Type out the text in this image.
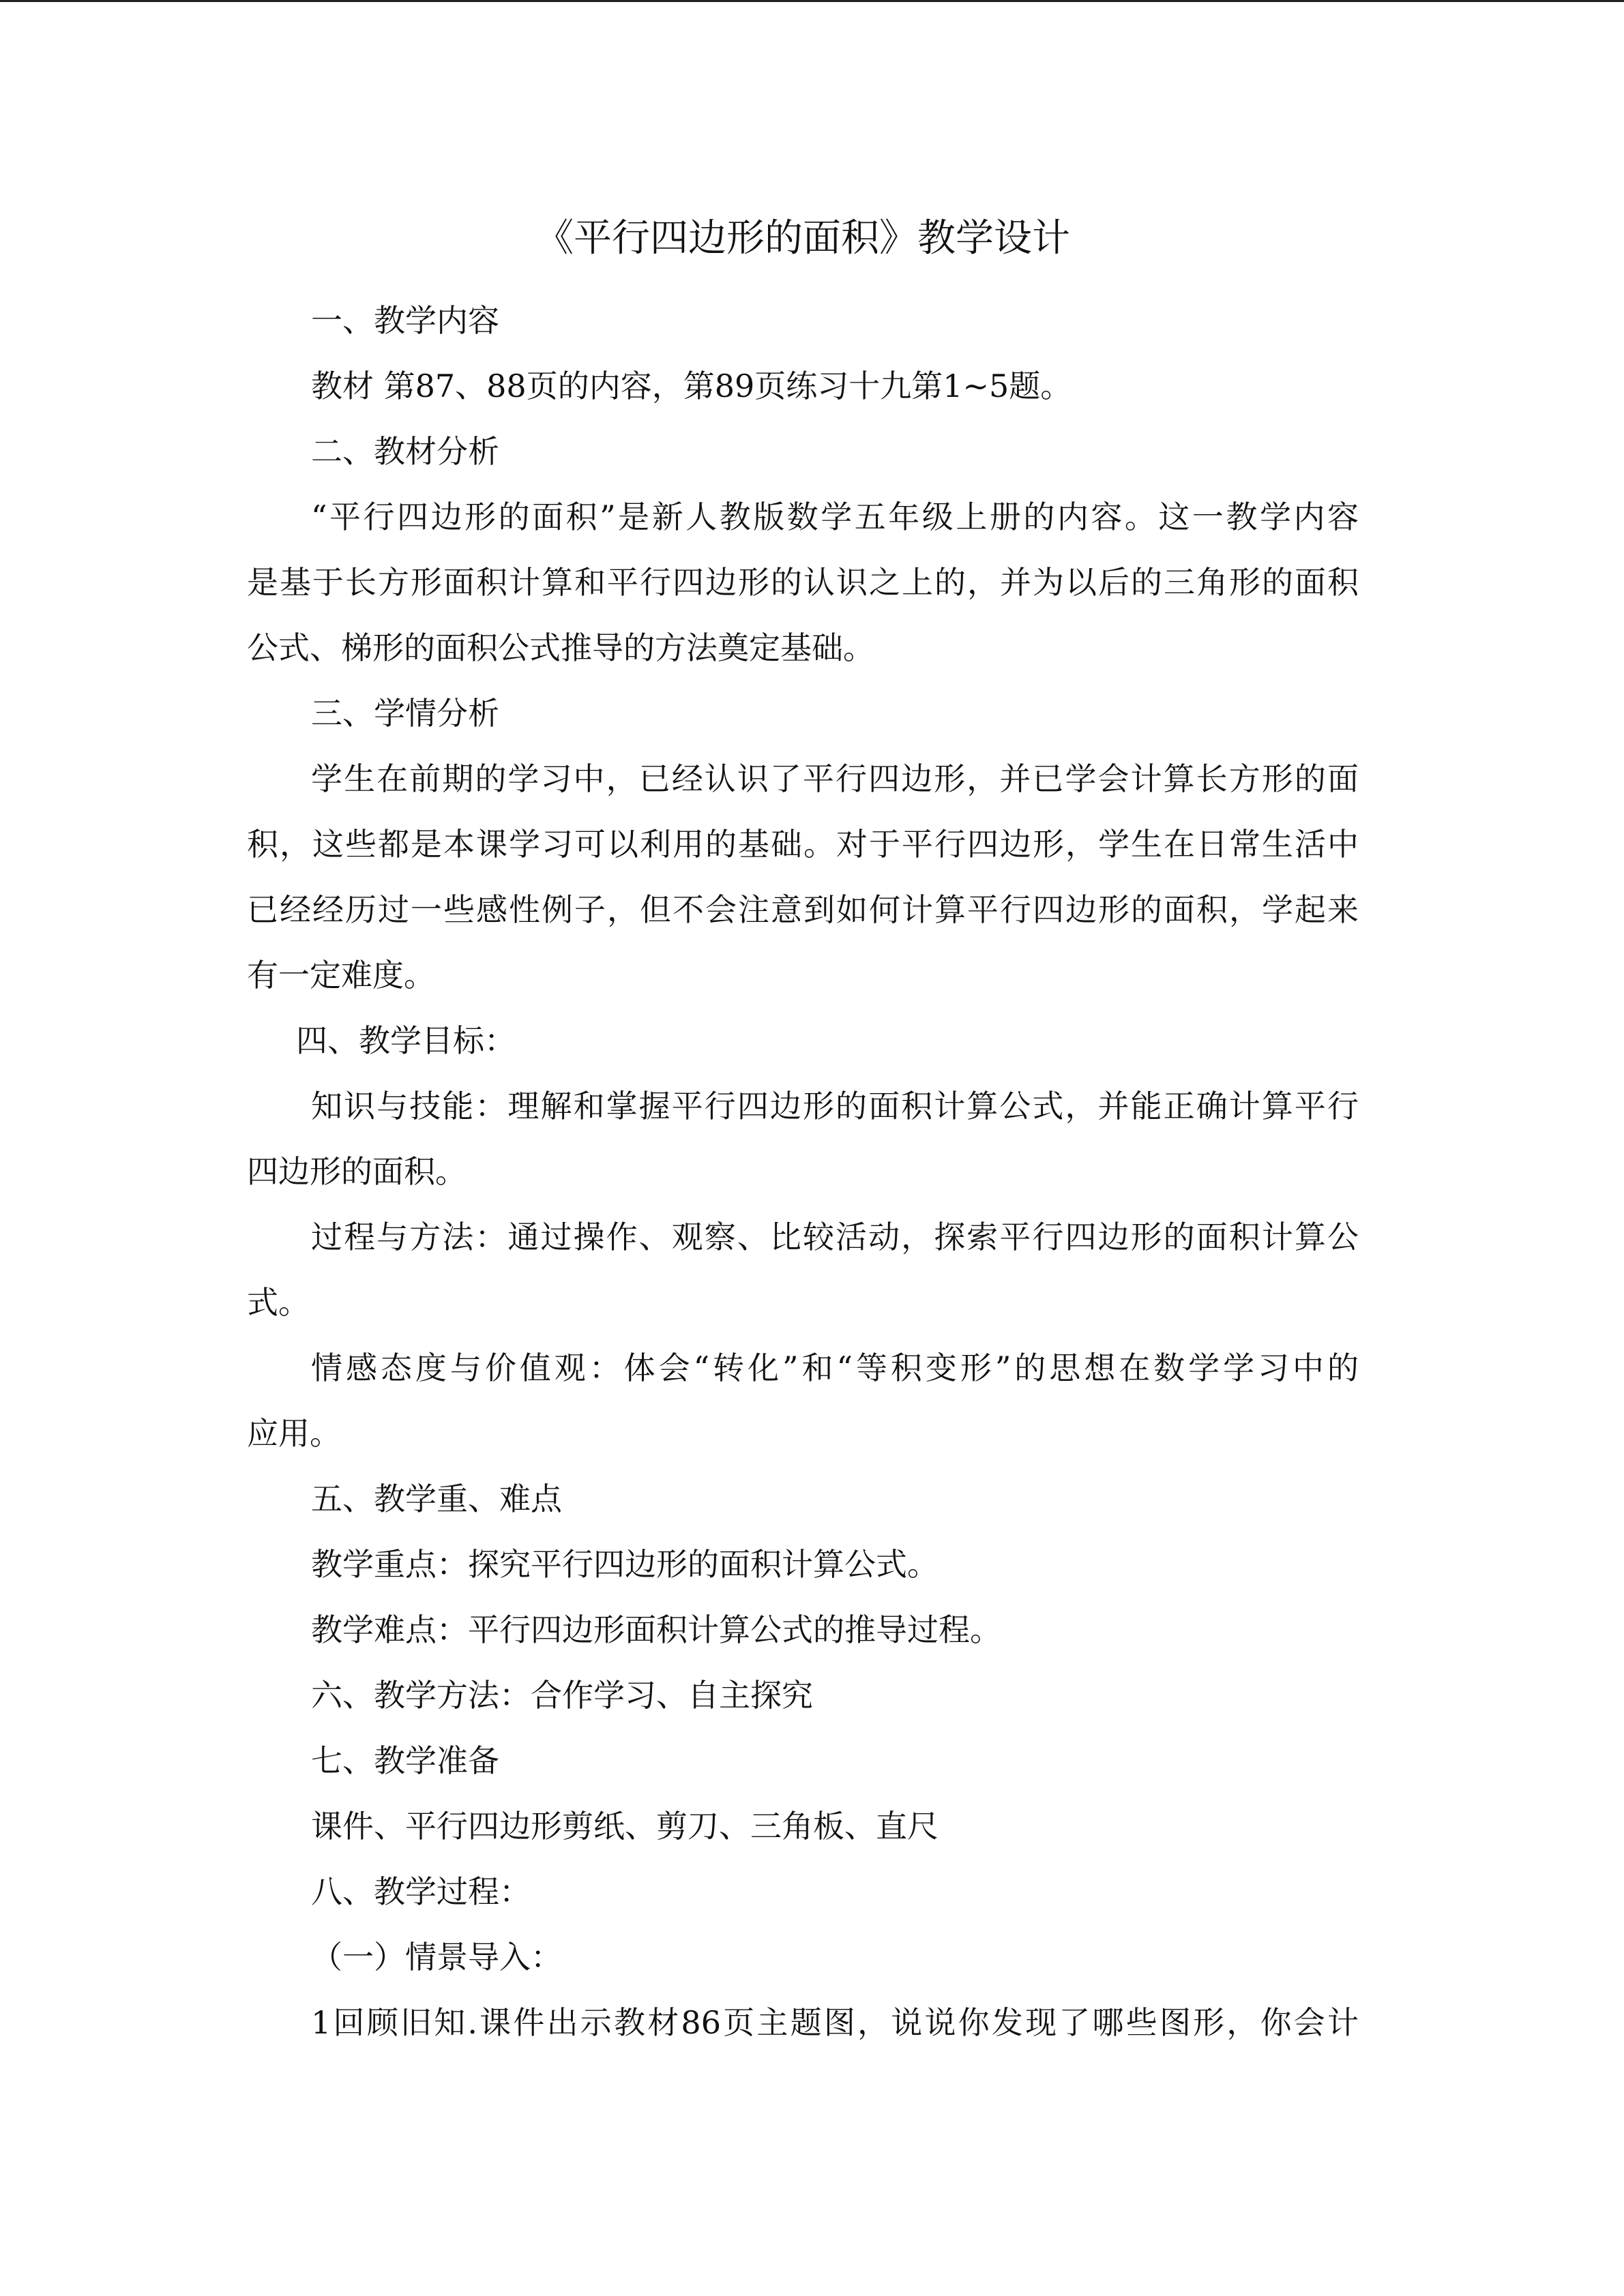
《平行四边形的面积》教学设计
一、教学内容
教材 第87、88页的内容，第89页练习十九第1~5题。
二、教材分析
“平行四边形的面积”是新人教版数学五年级上册的内容。这一教学内容
是基于长方形面积计算和平行四边形的认识之上的，并为以后的三角形的面积
公式、梯形的面积公式推导的方法奠定基础。
三、学情分析
学生在前期的学习中，已经认识了平行四边形，并已学会计算长方形的面
积，这些都是本课学习可以利用的基础。对于平行四边形，学生在日常生活中
已经经历过一些感性例子，但不会注意到如何计算平行四边形的面积，学起来
有一定难度。
四、教学目标：
知识与技能：理解和掌握平行四边形的面积计算公式，并能正确计算平行
四边形的面积。
过程与方法：通过操作、观察、比较活动，探索平行四边形的面积计算公
式。
情感态度与价值观：体会“转化”和“等积变形”的思想在数学学习中的
应用。
五、教学重、难点
教学重点：探究平行四边形的面积计算公式。
教学难点：平行四边形面积计算公式的推导过程。
六、教学方法：合作学习、自主探究
七、教学准备
课件、平行四边形剪纸、剪刀、三角板、直尺
八、教学过程：
（一）情景导入：
1回顾旧知.课件出示教材86页主题图，说说你发现了哪些图形，你会计
